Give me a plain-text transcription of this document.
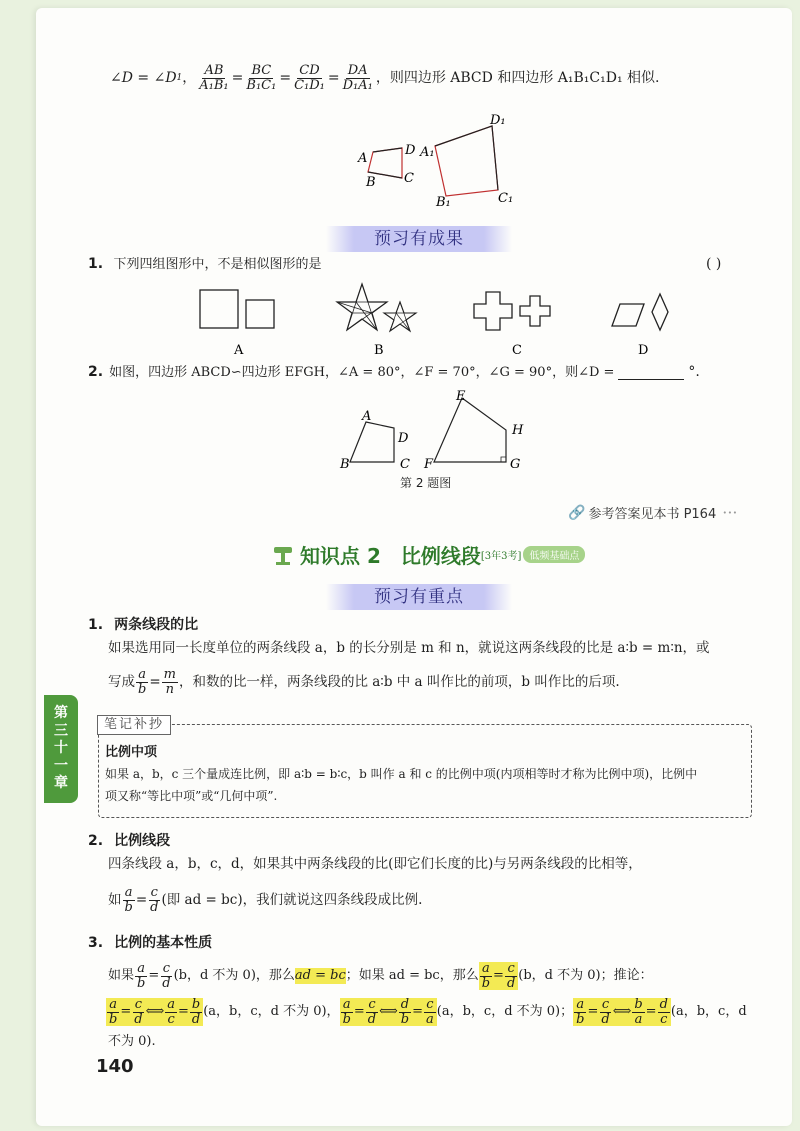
∠D = ∠D 1 ， $\frac{AB}{\text{A₁B₁}} = \frac{BC}{\text{B₁C₁}} = \frac{CD}{\text{C₁D₁}} = \frac{DA}{\text{D₁A₁}}$ ，则四边形 ABCD 和四边形 A₁B₁C₁D₁ 相似.
A
D
B C
A₁
D₁
B₁	C₁
预习有成果
1. 下列四组图形中，不是相似图形的是	( )
A	B	C	D
2. 如图，四边形 ABCD∽四边形 EFGH，∠A = 80°，∠F = 70°，∠G = 90°，则∠D =	°.
A
D
B	C
E
H
F	G
第 2 题图
🔗 参考答案见本书 P164 ···
知识点 2　比例线段 [3年3考] 低频基础点
预习有重点
1. 两条线段的比
如果选用同一长度单位的两条线段 a，b 的长分别是 m 和 n，就说这两条线段的比是 a∶b = m∶n，或
写成 $\frac{a}{b} = \frac{m}{n}$ ，和数的比一样，两条线段的比 a∶b 中 a 叫作比的前项，b 叫作比的后项.
第
三
十
一
章
笔记补抄
比例中项
如果 a，b，c 三个量成连比例，即 a∶b = b∶c，b 叫作 a 和 c 的比例中项(内项相等时才称为比例中项)，比例中
项又称“等比中项”或“几何中项”.
2. 比例线段
四条线段 a，b，c，d，如果其中两条线段的比(即它们长度的比)与另两条线段的比相等，
如 $\frac{a}{b} = \frac{c}{d}$ (即 ad = bc)，我们就说这四条线段成比例.
3. 比例的基本性质
如果 $\frac{a}{b} = \frac{c}{d} (b$，d 不为 0)，那么 ad = bc ；如果 ad = bc，那么 $\frac{a}{b} = \frac{c}{d} (b$，d 不为 0)；推论：
$\frac{a}{b} = \frac{c}{d}$ ⟺ $\frac{a}{c} = \frac{b}{d} (a$，b，c，d 不为 0)， $\frac{a}{b} = \frac{c}{d}$ ⟺ $\frac{d}{b} = \frac{c}{a} (a$，b，c，d 不为 0)； $\frac{a}{b} = \frac{c}{d}$ ⟺ $\frac{b}{a} = \frac{d}{c} (a$，b，c，d
不为 0).
140
